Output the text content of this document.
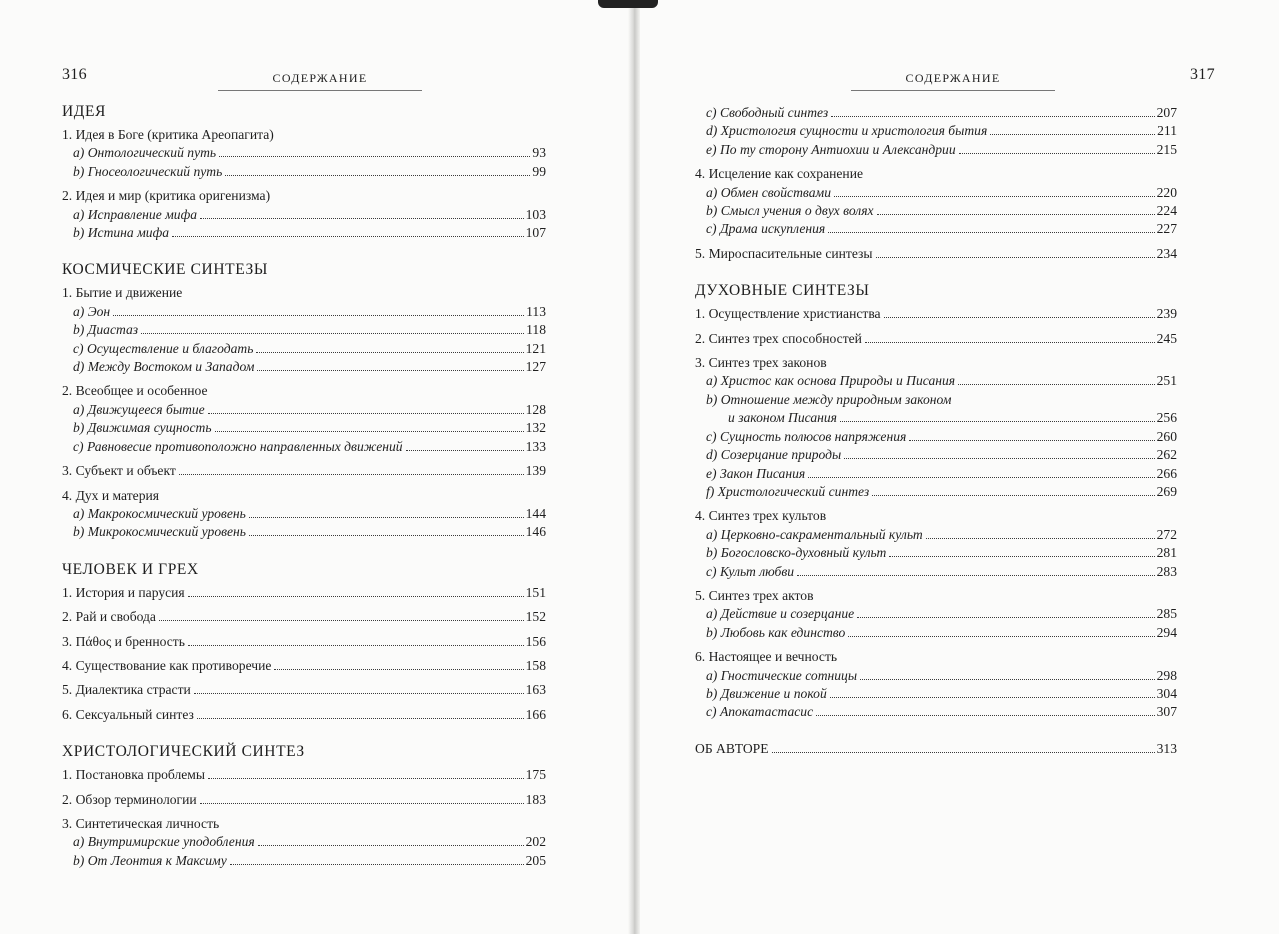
316	СОДЕРЖАНИЕ	317
СОДЕРЖАНИЕ
ИДЕЯ
1. Идея в Боге (критика Ареопагита)
a) Онтологический путь	93
b) Гносеологический путь	99
2. Идея и мир (критика оригенизма)
a) Исправление мифа	103
b) Истина мифа	107
КОСМИЧЕСКИЕ СИНТЕЗЫ
1. Бытие и движение
a) Эон	113
b) Диастаз	118
c) Осуществление и благодать	121
d) Между Востоком и Западом	127
2. Всеобщее и особенное
a) Движущееся бытие	128
b) Движимая сущность	132
c) Равновесие противоположно направленных движений	133
3. Субъект и объект	139
4. Дух и материя
a) Макрокосмический уровень	144
b) Микрокосмический уровень	146
ЧЕЛОВЕК И ГРЕХ
1. История и парусия	151
2. Рай и свобода	152
3. Πάθος и бренность	156
4. Существование как противоречие	158
5. Диалектика страсти	163
6. Сексуальный синтез	166
ХРИСТОЛОГИЧЕСКИЙ СИНТЕЗ
1. Постановка проблемы	175
2. Обзор терминологии	183
3. Синтетическая личность
a) Внутримирские уподобления	202
b) От Леонтия к Максиму	205
c) Свободный синтез	207
d) Христология сущности и христология бытия	211
e) По ту сторону Антиохии и Александрии	215
4. Исцеление как сохранение
a) Обмен свойствами	220
b) Смысл учения о двух волях	224
c) Драма искупления	227
5. Мироспасительные синтезы	234
ДУХОВНЫЕ СИНТЕЗЫ
1. Осуществление христианства	239
2. Синтез трех способностей	245
3. Синтез трех законов
a) Христос как основа Природы и Писания	251
b) Отношение между природным законом
и законом Писания	256
c) Сущность полюсов напряжения	260
d) Созерцание природы	262
e) Закон Писания	266
f) Христологический синтез	269
4. Синтез трех культов
a) Церковно-сакраментальный культ	272
b) Богословско-духовный культ	281
c) Культ любви	283
5. Синтез трех актов
a) Действие и созерцание	285
b) Любовь как единство	294
6. Настоящее и вечность
a) Гностические сотницы	298
b) Движение и покой	304
c) Апокатастасис	307
ОБ АВТОРЕ	313
